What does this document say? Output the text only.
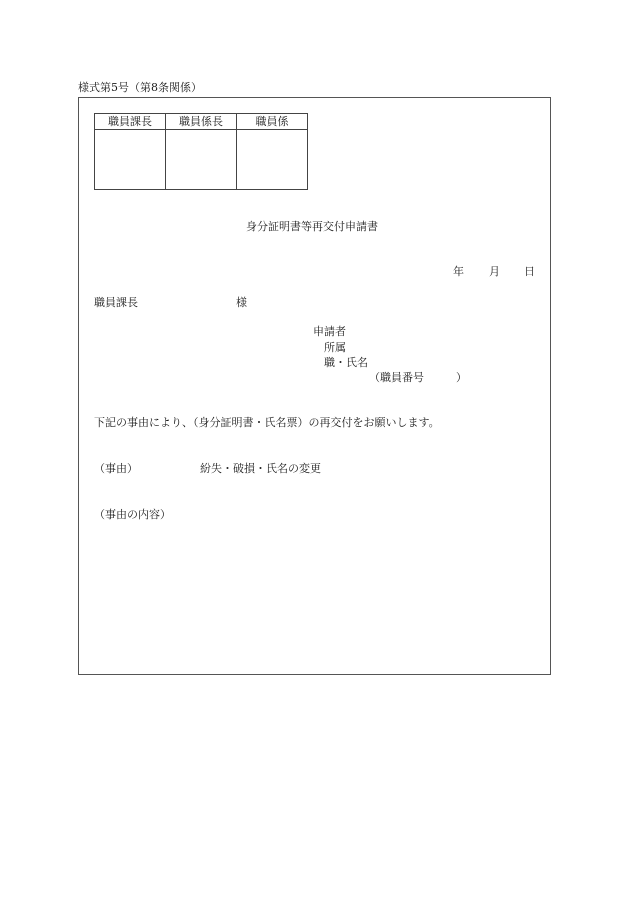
様式第5号（第8条関係）
職員課長	職員係長	職員係

身分証明書等再交付申請書
年 月 日
職員課長	様
申請者
所属
職・氏名
（職員番号	）
下記の事由により、（身分証明書・氏名票）の再交付をお願いします。
（事由）	紛失・破損・氏名の変更
（事由の内容）
